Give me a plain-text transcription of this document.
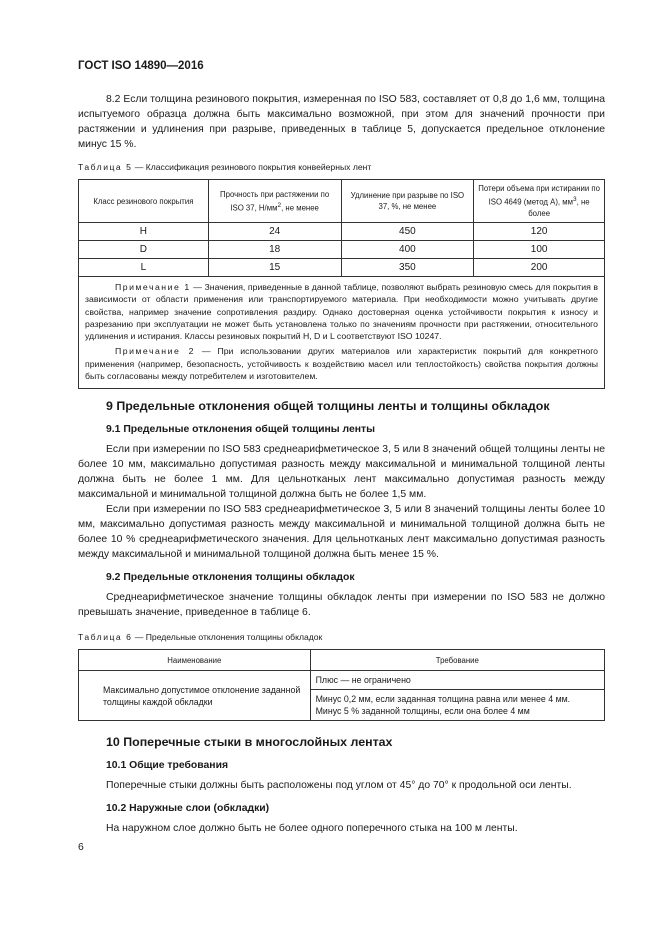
ГОСТ ISO 14890—2016

8.2 Если толщина резинового покрытия, измеренная по ISO 583, составляет от 0,8 до 1,6 мм, толщина испытуемого образца должна быть максимально возможной, при этом для значений прочности при растяжении и удлинения при разрыве, приведенных в таблице 5, допускается предельное отклонение минус 15 %.

Таблица 5 — Классификация резинового покрытия конвейерных лент
Класс резинового покрытия	Прочность при растяжении по ISO 37, $Н/мм^2$, не менее	Удлинение при разрыве по ISO 37, %, не менее	Потери объема при истирании по ISO 4649 (метод A), $мм^3$, не более
H	24	450	120
D	18	400	100
L	15	350	200

Примечание 1 — Значения, приведенные в данной таблице, позволяют выбрать резиновую смесь для покрытия в зависимости от области применения или транспортируемого материала. При необходимости можно учитывать другие свойства, например значение сопротивления раздиру. Однако достоверная оценка устойчивости покрытия к износу и разрезанию при эксплуатации не может быть установлена только по значениям прочности при растяжении, относительного удлинения и истирания. Классы резиновых покрытий H, D и L соответствуют ISO 10247.

Примечание 2 — При использовании других материалов или характеристик покрытий для конкретного применения (например, безопасность, устойчивость к воздействию масел или теплостойкость) свойства покрытия должны быть согласованы между потребителем и изготовителем.			

9 Предельные отклонения общей толщины ленты и толщины обкладок
9.1 Предельные отклонения общей толщины ленты

Если при измерении по ISO 583 среднеарифметическое 3, 5 или 8 значений общей толщины ленты не более 10 мм, максимально допустимая разность между максимальной и минимальной толщиной ленты должна быть не более 1 мм. Для цельнотканых лент максимально допустимая разность между максимальной и минимальной толщиной должна быть не более 1,5 мм.

Если при измерении по ISO 583 среднеарифметическое 3, 5 или 8 значений толщины ленты более 10 мм, максимально допустимая разность между максимальной и минимальной толщиной должна быть не более 10 % среднеарифметического значения. Для цельнотканых лент максимально допустимая разность между максимальной и минимальной толщиной должна быть менее 15 %.

9.2 Предельные отклонения толщины обкладок

Среднеарифметическое значение толщины обкладок ленты при измерении по ISO 583 не должно превышать значение, приведенное в таблице 6.

Таблица 6 — Предельные отклонения толщины обкладок
Наименование	Требование
Максимально допустимое отклонение заданной толщины каждой обкладки	Плюс — не ограничено

	Минус 0,2 мм, если заданная толщина равна или менее 4 мм.
Минус 5 % заданной толщины, если она более 4 мм
10 Поперечные стыки в многослойных лентах
10.1 Общие требования

Поперечные стыки должны быть расположены под углом от 45° до 70° к продольной оси ленты.

10.2 Наружные слои (обкладки)

На наружном слое должно быть не более одного поперечного стыка на 100 м ленты.

6
